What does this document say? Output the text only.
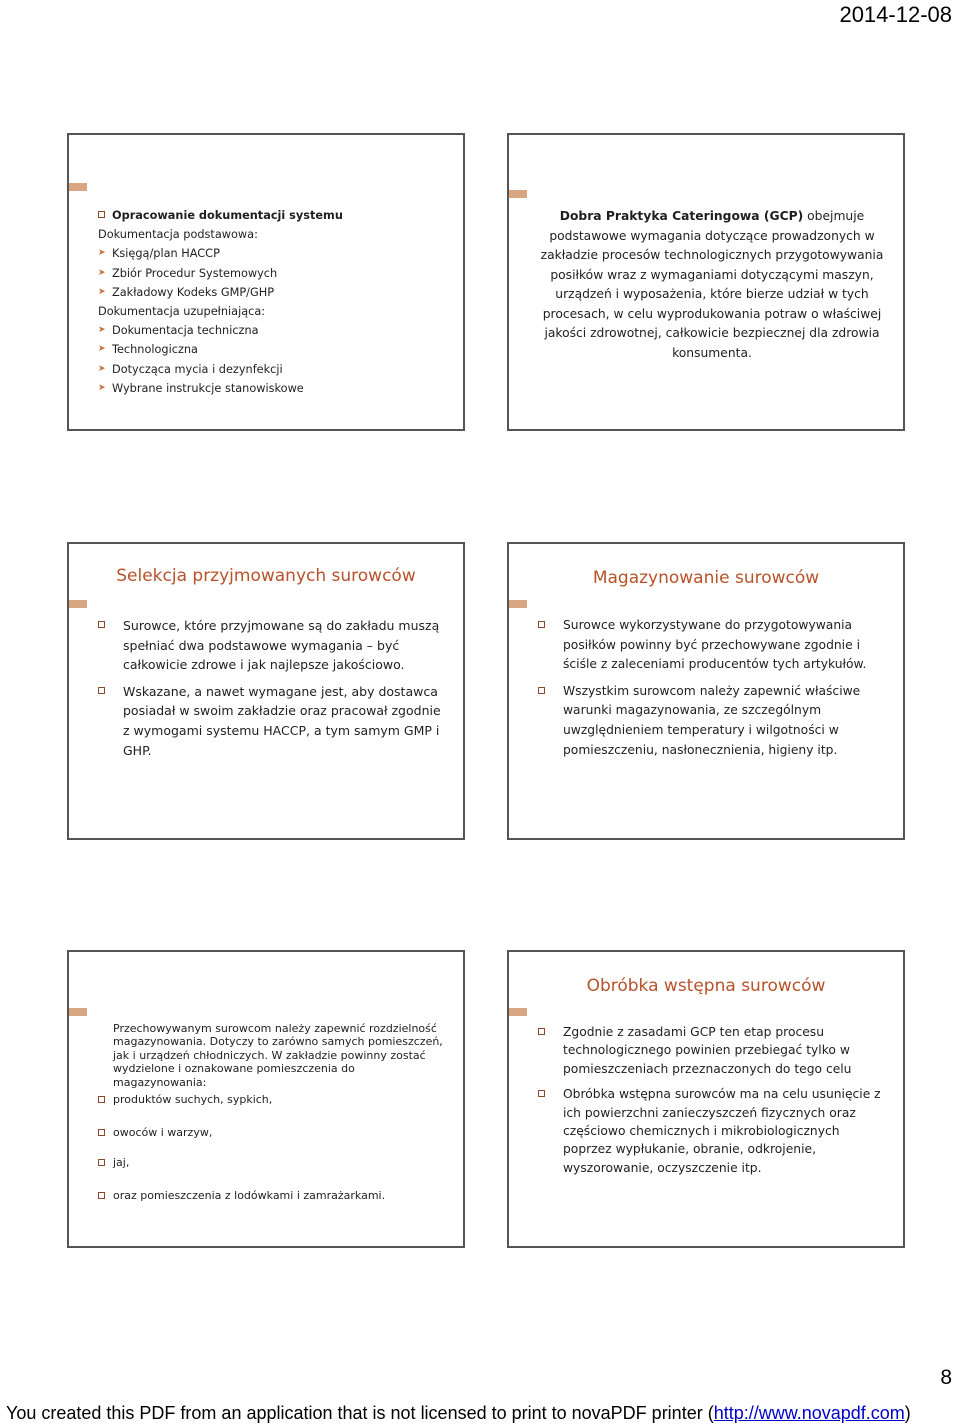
2014-12-08
Opracowanie dokumentacji systemu
Dokumentacja podstawowa:
➤ Księgą/plan HACCP
➤ Zbiór Procedur Systemowych
➤ Zakładowy Kodeks GMP/GHP
Dokumentacja uzupełniająca:
➤ Dokumentacja techniczna
➤ Technologiczna
➤ Dotycząca mycia i dezynfekcji
➤ Wybrane instrukcje stanowiskowe
Dobra Praktyka Cateringowa (GCP) obejmuje podstawowe wymagania dotyczące prowadzonych w zakładzie procesów technologicznych przygotowywania posiłków wraz z wymaganiami dotyczącymi maszyn, urządzeń i wyposażenia, które bierze udział w tych procesach, w celu wyprodukowania potraw o właściwej jakości zdrowotnej, całkowicie bezpiecznej dla zdrowia konsumenta.
Selekcja przyjmowanych surowców
Surowce, które przyjmowane są do zakładu muszą spełniać dwa podstawowe wymagania – być całkowicie zdrowe i jak najlepsze jakościowo.
Wskazane, a nawet wymagane jest, aby dostawca posiadał w swoim zakładzie oraz pracował zgodnie z wymogami systemu HACCP, a tym samym GMP i GHP.
Magazynowanie surowców
Surowce wykorzystywane do przygotowywania posiłków powinny być przechowywane zgodnie i ściśle z zaleceniami producentów tych artykułów.
Wszystkim surowcom należy zapewnić właściwe warunki magazynowania, ze szczególnym uwzględnieniem temperatury i wilgotności w pomieszczeniu, nasłonecznienia, higieny itp.
Przechowywanym surowcom należy zapewnić rozdzielność magazynowania. Dotyczy to zarówno samych pomieszczeń, jak i urządzeń chłodniczych. W zakładzie powinny zostać wydzielone i oznakowane pomieszczenia do magazynowania:
produktów suchych, sypkich,
owoców i warzyw,
jaj,
oraz pomieszczenia z lodówkami i zamrażarkami.
Obróbka wstępna surowców
Zgodnie z zasadami GCP ten etap procesu technologicznego powinien przebiegać tylko w pomieszczeniach przeznaczonych do tego celu
Obróbka wstępna surowców ma na celu usunięcie z ich powierzchni zanieczyszczeń fizycznych oraz częściowo chemicznych i mikrobiologicznych poprzez wypłukanie, obranie, odkrojenie, wyszorowanie, oczyszczenie itp.
8
You created this PDF from an application that is not licensed to print to novaPDF printer (http://www.novapdf.com)
